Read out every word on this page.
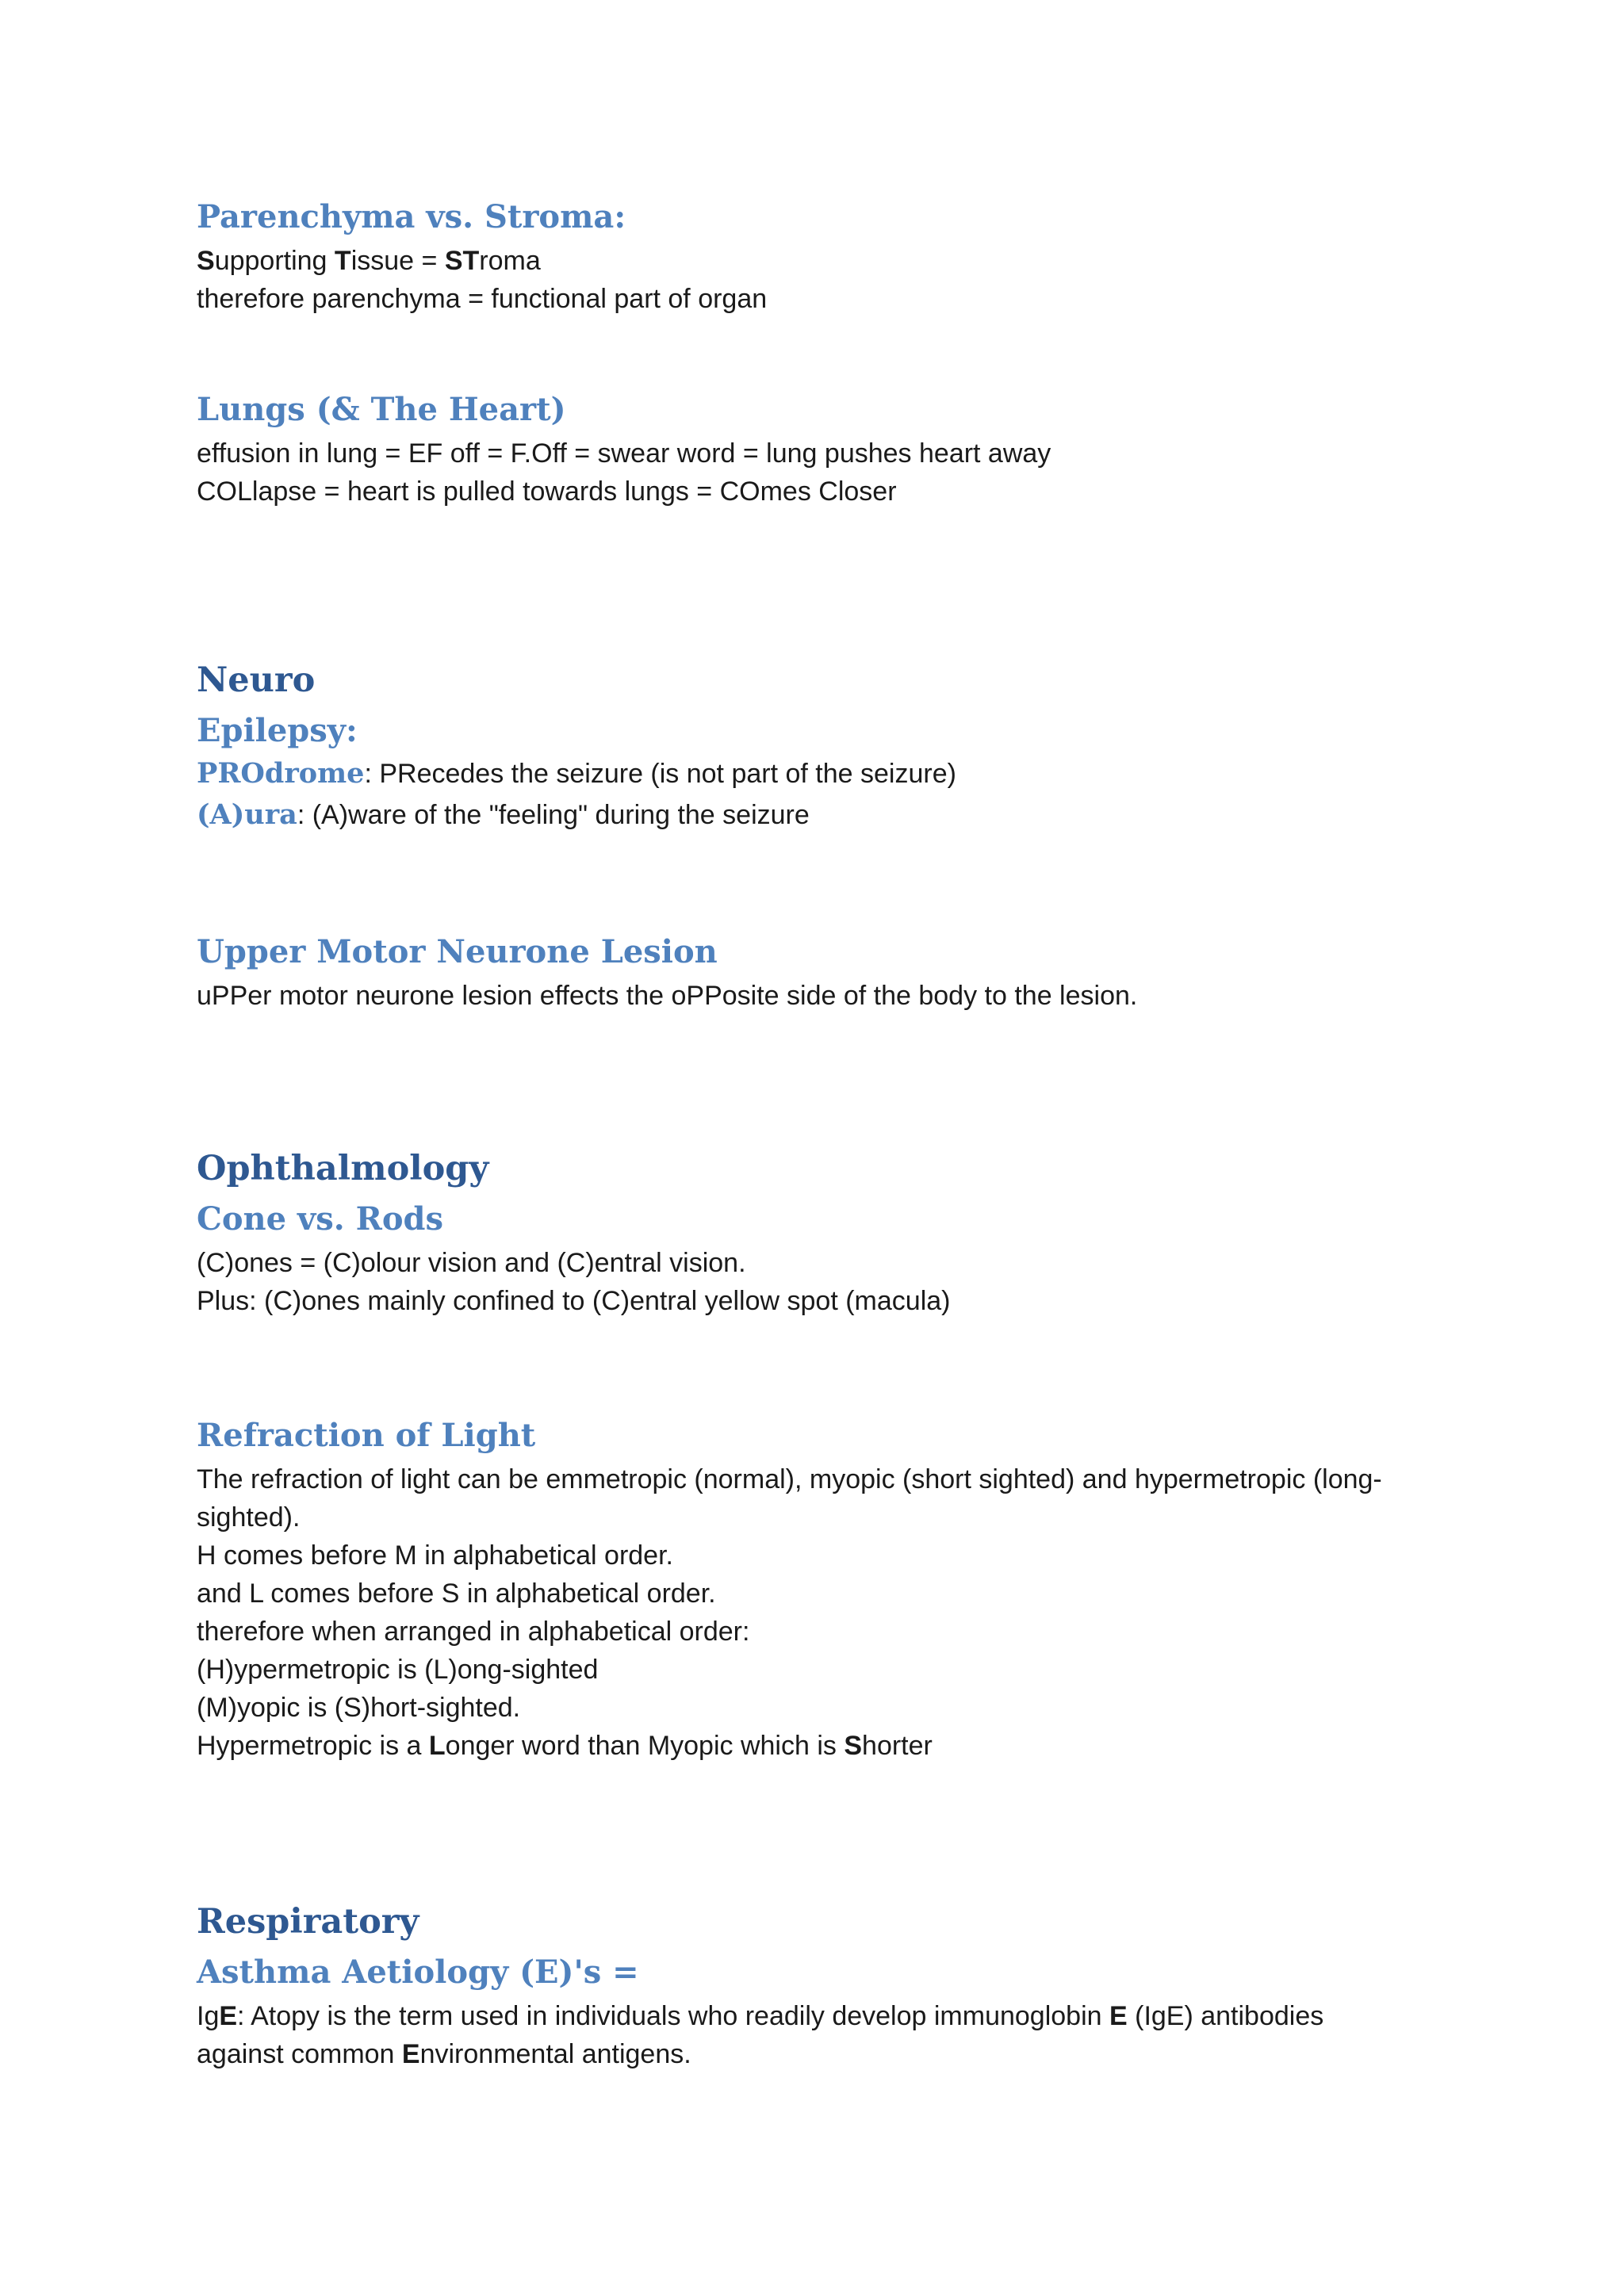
Parenchyma vs. Stroma:

Supporting Tissue = STroma

therefore parenchyma = functional part of organ

Lungs (& The Heart)

effusion in lung = EF off = F.Off = swear word = lung pushes heart away

COLlapse = heart is pulled towards lungs = COmes Closer

Neuro
Epilepsy:

PROdrome: PRecedes the seizure (is not part of the seizure)

(A)ura: (A)ware of the "feeling" during the seizure

Upper Motor Neurone Lesion

uPPer motor neurone lesion effects the oPPosite side of the body to the lesion.

Ophthalmology
Cone vs. Rods

(C)ones = (C)olour vision and (C)entral vision.

Plus: (C)ones mainly confined to (C)entral yellow spot (macula)

Refraction of Light

The refraction of light can be emmetropic (normal), myopic (short sighted) and hypermetropic (long-

sighted).

H comes before M in alphabetical order.

and L comes before S in alphabetical order.

therefore when arranged in alphabetical order:

(H)ypermetropic is (L)ong-sighted

(M)yopic is (S)hort-sighted.

Hypermetropic is a Longer word than Myopic which is Shorter

Respiratory
Asthma Aetiology (E)'s =

IgE: Atopy is the term used in individuals who readily develop immunoglobin E (IgE) antibodies

against common Environmental antigens.
